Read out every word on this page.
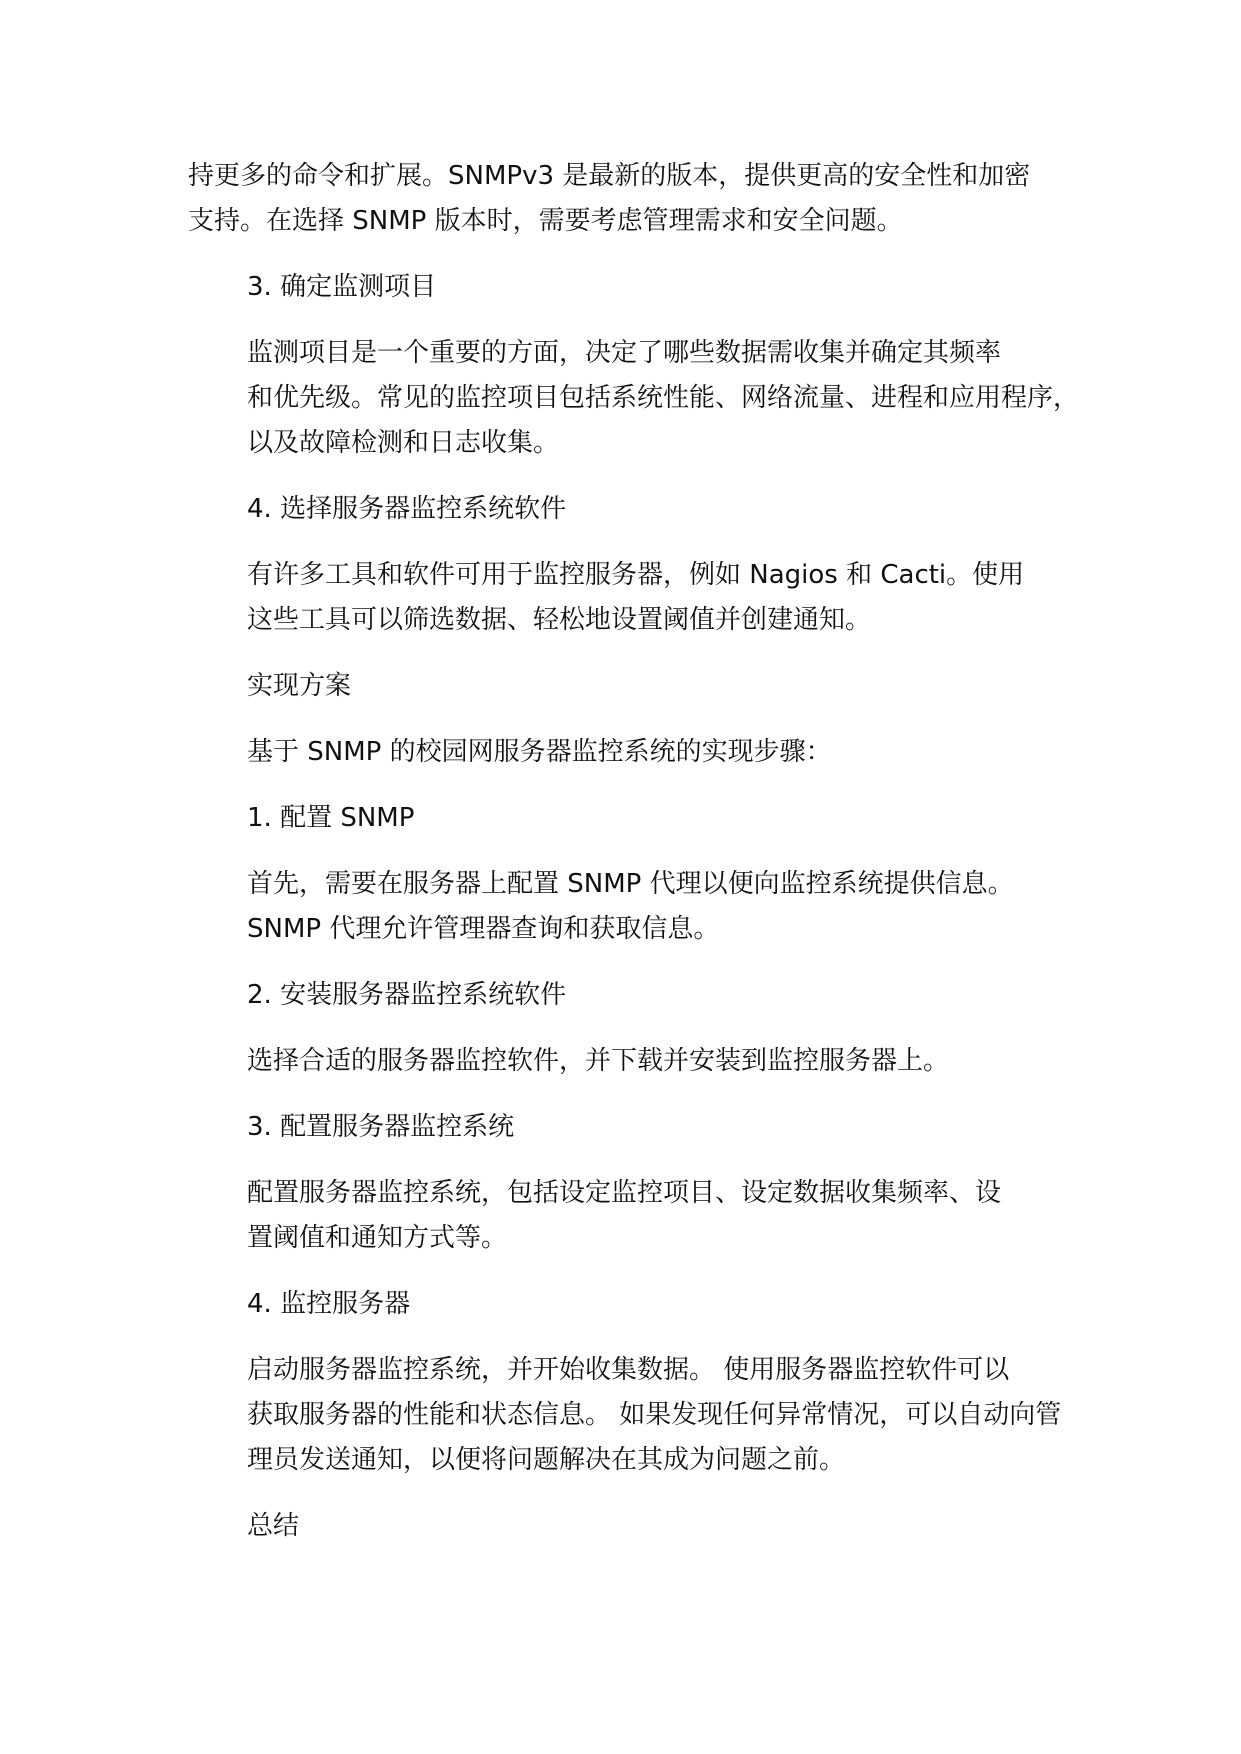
持更多的命令和扩展。SNMPv3 是最新的版本，提供更高的安全性和加密
支持。在选择 SNMP 版本时，需要考虑管理需求和安全问题。
3. 确定监测项目
监测项目是一个重要的方面，决定了哪些数据需收集并确定其频率
和优先级。常见的监控项目包括系统性能、网络流量、进程和应用程序，
以及故障检测和日志收集。
4. 选择服务器监控系统软件
有许多工具和软件可用于监控服务器，例如 Nagios 和 Cacti。使用
这些工具可以筛选数据、轻松地设置阈值并创建通知。
实现方案
基于 SNMP 的校园网服务器监控系统的实现步骤：
1. 配置 SNMP
首先，需要在服务器上配置 SNMP 代理以便向监控系统提供信息。
SNMP 代理允许管理器查询和获取信息。
2. 安装服务器监控系统软件
选择合适的服务器监控软件，并下载并安装到监控服务器上。
3. 配置服务器监控系统
配置服务器监控系统，包括设定监控项目、设定数据收集频率、设
置阈值和通知方式等。
4. 监控服务器
启动服务器监控系统，并开始收集数据。 使用服务器监控软件可以
获取服务器的性能和状态信息。 如果发现任何异常情况，可以自动向管
理员发送通知，以便将问题解决在其成为问题之前。
总结
